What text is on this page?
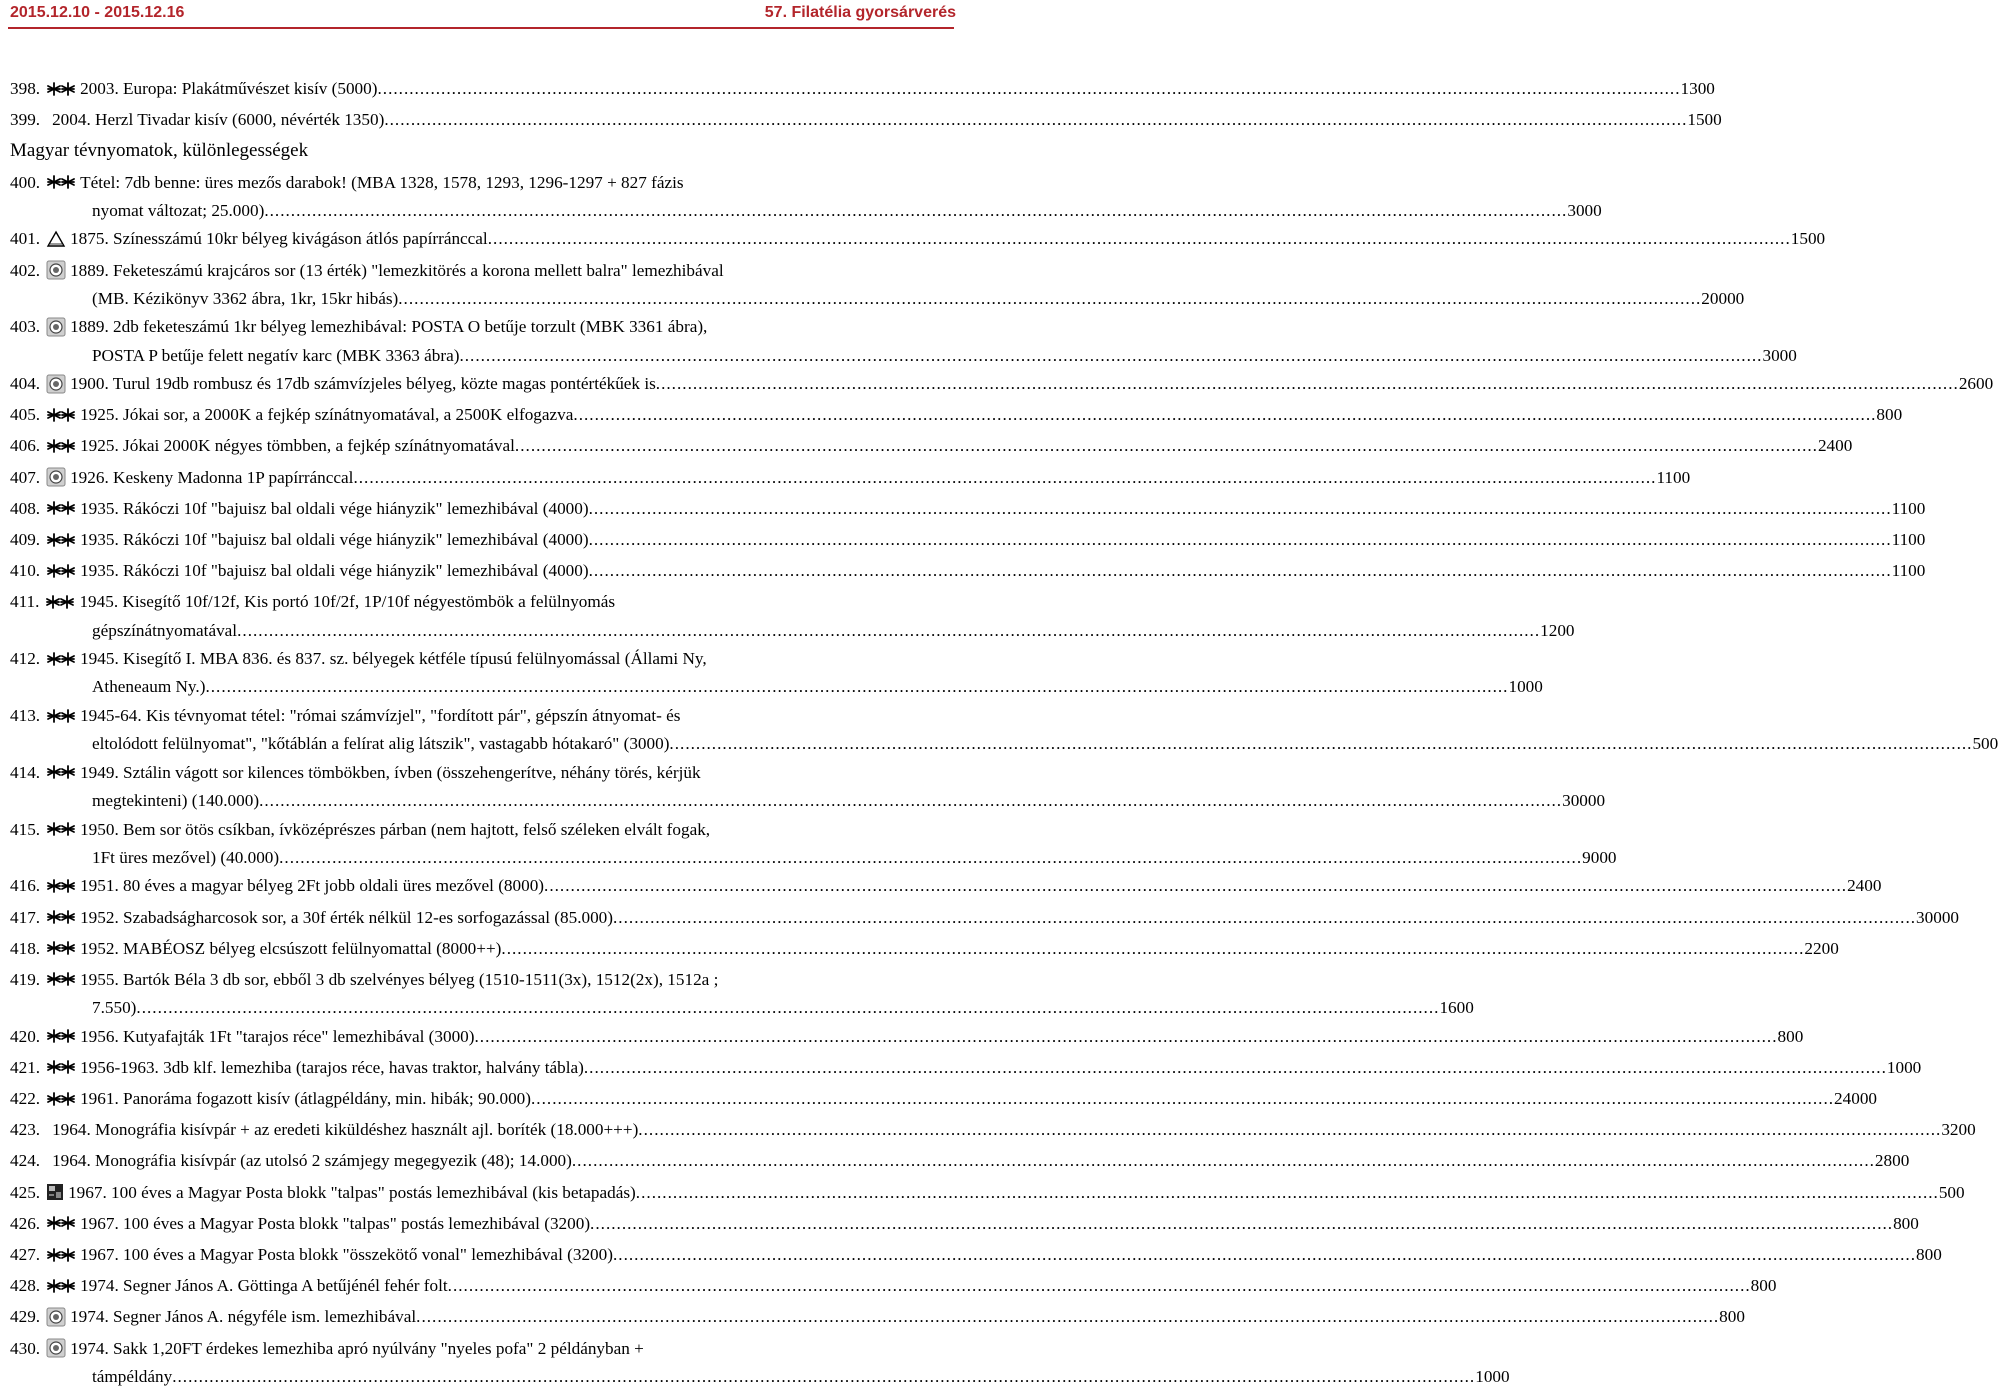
2015.12.10 - 2015.12.16	57. Filatélia gyorsárverés
398. 2003. Europa: Plakátművészet kisív (5000) .....	1300
399. 2004. Herzl Tivadar kisív (6000, névérték 1350) .....	1500
Magyar tévnyomatok, különlegességek
400. Tétel: 7db benne: üres mezős darabok! (MBA 1328, 1578, 1293, 1296-1297 + 827 fázis
nyomat változat; 25.000) .....	3000
401. 1875. Színesszámú 10kr bélyeg kivágáson átlós papírránccal .....	1500
402. 1889. Feketeszámú krajcáros sor (13 érték) "lemezkitörés a korona mellett balra" lemezhibával
(MB. Kézikönyv 3362 ábra, 1kr, 15kr hibás) .....	20000
403. 1889. 2db feketeszámú 1kr bélyeg lemezhibával: POSTA O betűje torzult (MBK 3361 ábra),
POSTA P betűje felett negatív karc (MBK 3363 ábra) .....	3000
404. 1900. Turul 19db rombusz és 17db számvízjeles bélyeg, közte magas pontértékűek is .....	2600
405. 1925. Jókai sor, a 2000K a fejkép színátnyomatával, a 2500K elfogazva .....	800
406. 1925. Jókai 2000K négyes tömbben, a fejkép színátnyomatával .....	2400
407. 1926. Keskeny Madonna 1P papírránccal .....	1100
408. 1935. Rákóczi 10f "bajuisz bal oldali vége hiányzik" lemezhibával (4000) .....	1100
409. 1935. Rákóczi 10f "bajuisz bal oldali vége hiányzik" lemezhibával (4000) .....	1100
410. 1935. Rákóczi 10f "bajuisz bal oldali vége hiányzik" lemezhibával (4000) .....	1100
411. 1945. Kisegítő 10f/12f, Kis portó 10f/2f, 1P/10f négyestömbök a felülnyomás
gépszínátnyomatával .....	1200
412. 1945. Kisegítő I. MBA 836. és 837. sz. bélyegek kétféle típusú felülnyomással (Állami Ny,
Atheneaum Ny.) .....	1000
413. 1945-64. Kis tévnyomat tétel: "római számvízjel", "fordított pár", gépszín átnyomat- és
eltolódott felülnyomat", "kőtáblán a felírat alig látszik", vastagabb hótakaró" (3000) .....	500
414. 1949. Sztálin vágott sor kilences tömbökben, ívben (összehengerítve, néhány törés, kérjük
megtekinteni) (140.000) .....	30000
415. 1950. Bem sor ötös csíkban, ívközéprészes párban (nem hajtott, felső széleken elvált fogak,
1Ft üres mezővel) (40.000) .....	9000
416. 1951. 80 éves a magyar bélyeg 2Ft jobb oldali üres mezővel (8000) .....	2400
417. 1952. Szabadságharcosok sor, a 30f érték nélkül 12-es sorfogazással (85.000) .....	30000
418. 1952. MABÉOSZ bélyeg elcsúszott felülnyomattal (8000++) .....	2200
419. 1955. Bartók Béla 3 db sor, ebből 3 db szelvényes bélyeg (1510-1511(3x), 1512(2x), 1512a ;
7.550) .....	1600
420. 1956. Kutyafajták 1Ft "tarajos réce" lemezhibával (3000) .....	800
421. 1956-1963. 3db klf. lemezhiba (tarajos réce, havas traktor, halvány tábla) .....	1000
422. 1961. Panoráma fogazott kisív (átlagpéldány, min. hibák; 90.000) .....	24000
423. 1964. Monográfia kisívpár + az eredeti kiküldéshez használt ajl. boríték (18.000+++) .....	3200
424. 1964. Monográfia kisívpár (az utolsó 2 számjegy megegyezik (48); 14.000) .....	2800
425. 1967. 100 éves a Magyar Posta blokk "talpas" postás lemezhibával (kis betapadás) .....	500
426. 1967. 100 éves a Magyar Posta blokk "talpas" postás lemezhibával (3200) .....	800
427. 1967. 100 éves a Magyar Posta blokk "összekötő vonal" lemezhibával (3200) .....	800
428. 1974. Segner János A. Göttinga A betűjénél fehér folt .....	800
429. 1974. Segner János A. négyféle ism. lemezhibával .....	800
430. 1974. Sakk 1,20FT érdekes lemezhiba apró nyúlvány "nyeles pofa" 2 példányban +
támpéldány .....	1000
